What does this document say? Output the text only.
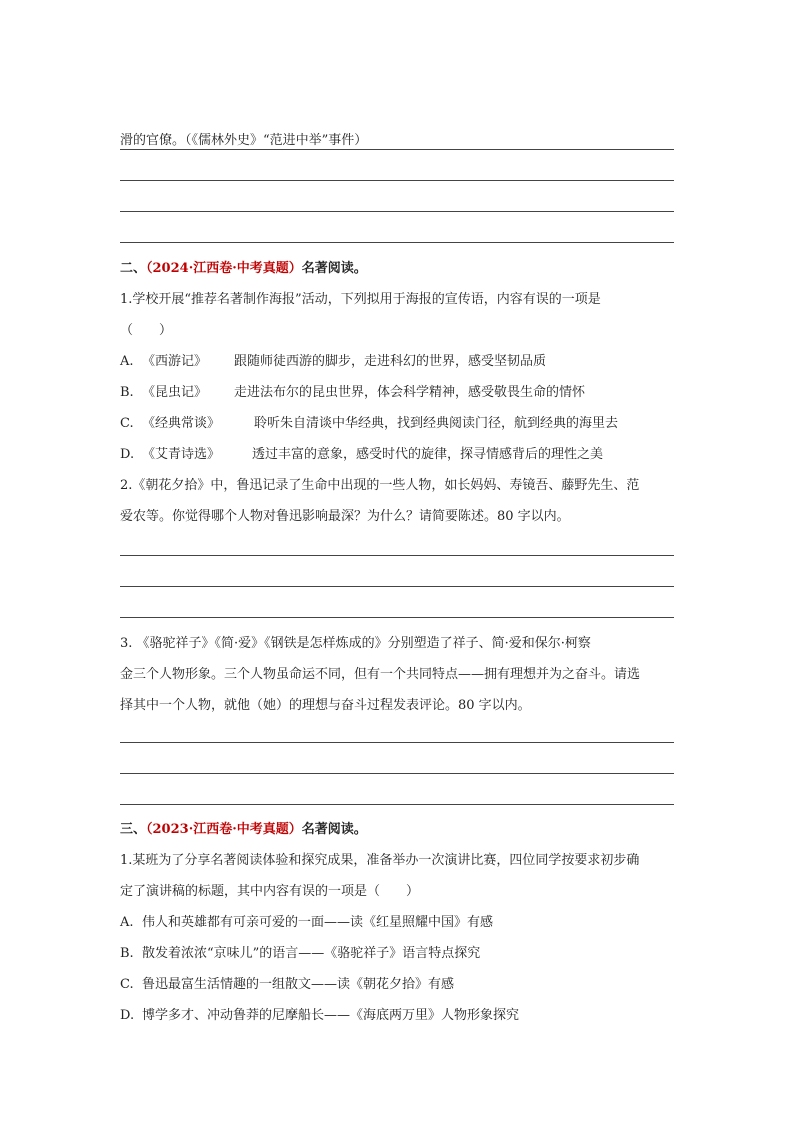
滑的官僚。（《儒林外史》“范进中举”事件）
二、（2024·江西卷·中考真题）名著阅读。
1.学校开展“推荐名著制作海报”活动，下列拟用于海报的宣传语，内容有误的一项是
（　　）
A. 《西游记》 跟随师徒西游的脚步，走进科幻的世界，感受坚韧品质
B. 《昆虫记》 走进法布尔的昆虫世界，体会科学精神，感受敬畏生命的情怀
C. 《经典常谈》	聆听朱自清谈中华经典，找到经典阅读门径，航到经典的海里去
D. 《艾青诗选》 透过丰富的意象，感受时代的旋律，探寻情感背后的理性之美
2.《朝花夕拾》中，鲁迅记录了生命中出现的一些人物，如长妈妈、寿镜吾、藤野先生、范
爱农等。你觉得哪个人物对鲁迅影响最深？为什么？请简要陈述。80 字以内。
3. 《骆驼祥子》《简·爱》《钢铁是怎样炼成的》分别塑造了祥子、简·爱和保尔·柯察
金三个人物形象。三个人物虽命运不同，但有一个共同特点——拥有理想并为之奋斗。请选
择其中一个人物，就他（她）的理想与奋斗过程发表评论。80 字以内。
三、（2023·江西卷·中考真题）名著阅读。
1.某班为了分享名著阅读体验和探究成果，准备举办一次演讲比赛，四位同学按要求初步确
定了演讲稿的标题，其中内容有误的一项是（　　）
A. 伟人和英雄都有可亲可爱的一面——读《红星照耀中国》有感
B. 散发着浓浓“京味儿”的语言——《骆驼祥子》语言特点探究
C. 鲁迅最富生活情趣的一组散文——读《朝花夕拾》有感
D. 博学多才、冲动鲁莽的尼摩船长——《海底两万里》人物形象探究
